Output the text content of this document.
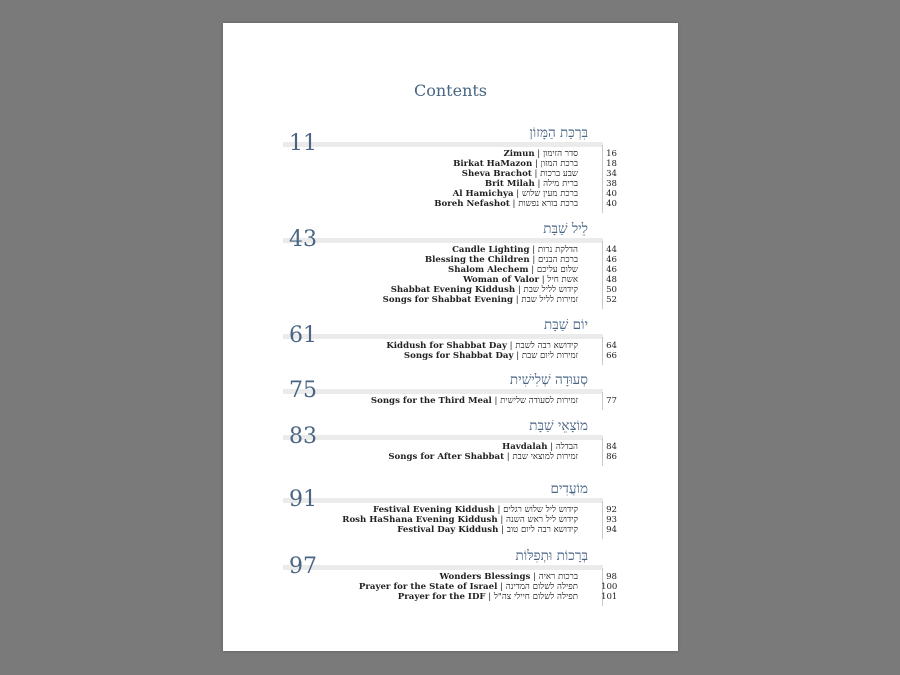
Contents
11	בִּרְכַּת הַמָּזוֹן
Zimun | סדר הזימון	16
Birkat HaMazon | ברכת המזון	18
Sheva Brachot | שבע ברכות	34
Brit Milah | ברית מילה	38
Al Hamichya | ברכת מעין שלוש	40
Boreh Nefashot | ברכת בורא נפשות	40
43	לֵיל שַׁבָּת
Candle Lighting | הדלקת נרות	44
Blessing the Children | ברכת הבנים	46
Shalom Alechem | שלום עליכם	46
Woman of Valor | אשת חיל	48
Shabbat Evening Kiddush | קידוש לליל שבת	50
Songs for Shabbat Evening | זמירות לליל שבת	52
61	יוֹם שַׁבָּת
Kiddush for Shabbat Day | קידושא רבה לשבת	64
Songs for Shabbat Day | זמירות ליום שבת	66
75	סְעוּדָה שְׁלִישִׁית
Songs for the Third Meal | זמירות לסעודה שלישית	77
83	מוֹצָאֵי שַׁבָּת
Havdalah | הבדלה	84
Songs for After Shabbat | זמירות למוצאי שבת	86
91	מוֹעֲדִים
Festival Evening Kiddush | קידוש ליל שלוש רגלים	92
Rosh HaShana Evening Kiddush | קידוש ליל ראש השנה	93
Festival Day Kiddush | קידושא רבה ליום טוב	94
97	בְּרָכוֹת וּתְפִלּוֹת
Wonders Blessings | ברכות ראיה	98
Prayer for the State of Israel | תפילה לשלום המדינה	100
Prayer for the IDF | תפילה לשלום חיילי צה"ל	101
